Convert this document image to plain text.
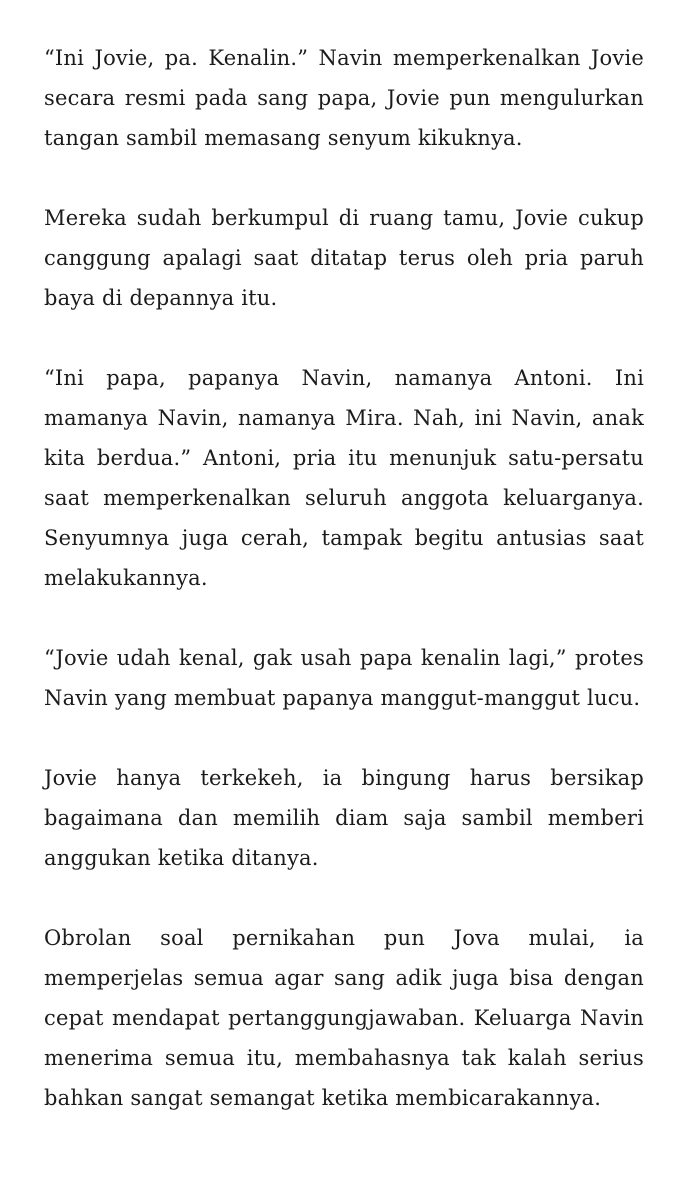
“Ini Jovie, pa. Kenalin.” Navin memperkenalkan Jovie secara resmi pada sang papa, Jovie pun mengulurkan tangan sambil memasang senyum kikuknya.

Mereka sudah berkumpul di ruang tamu, Jovie cukup canggung apalagi saat ditatap terus oleh pria paruh baya di depannya itu.

“Ini papa, papanya Navin, namanya Antoni. Ini mamanya Navin, namanya Mira. Nah, ini Navin, anak kita berdua.” Antoni, pria itu menunjuk satu-persatu saat memperkenalkan seluruh anggota keluarganya. Senyumnya juga cerah, tampak begitu antusias saat melakukannya.

“Jovie udah kenal, gak usah papa kenalin lagi,” protes Navin yang membuat papanya manggut-manggut lucu.

Jovie hanya terkekeh, ia bingung harus bersikap bagaimana dan memilih diam saja sambil memberi anggukan ketika ditanya.

Obrolan soal pernikahan pun Jova mulai, ia memperjelas semua agar sang adik juga bisa dengan cepat mendapat pertanggungjawaban. Keluarga Navin menerima semua itu, membahasnya tak kalah serius bahkan sangat semangat ketika membicarakannya.
